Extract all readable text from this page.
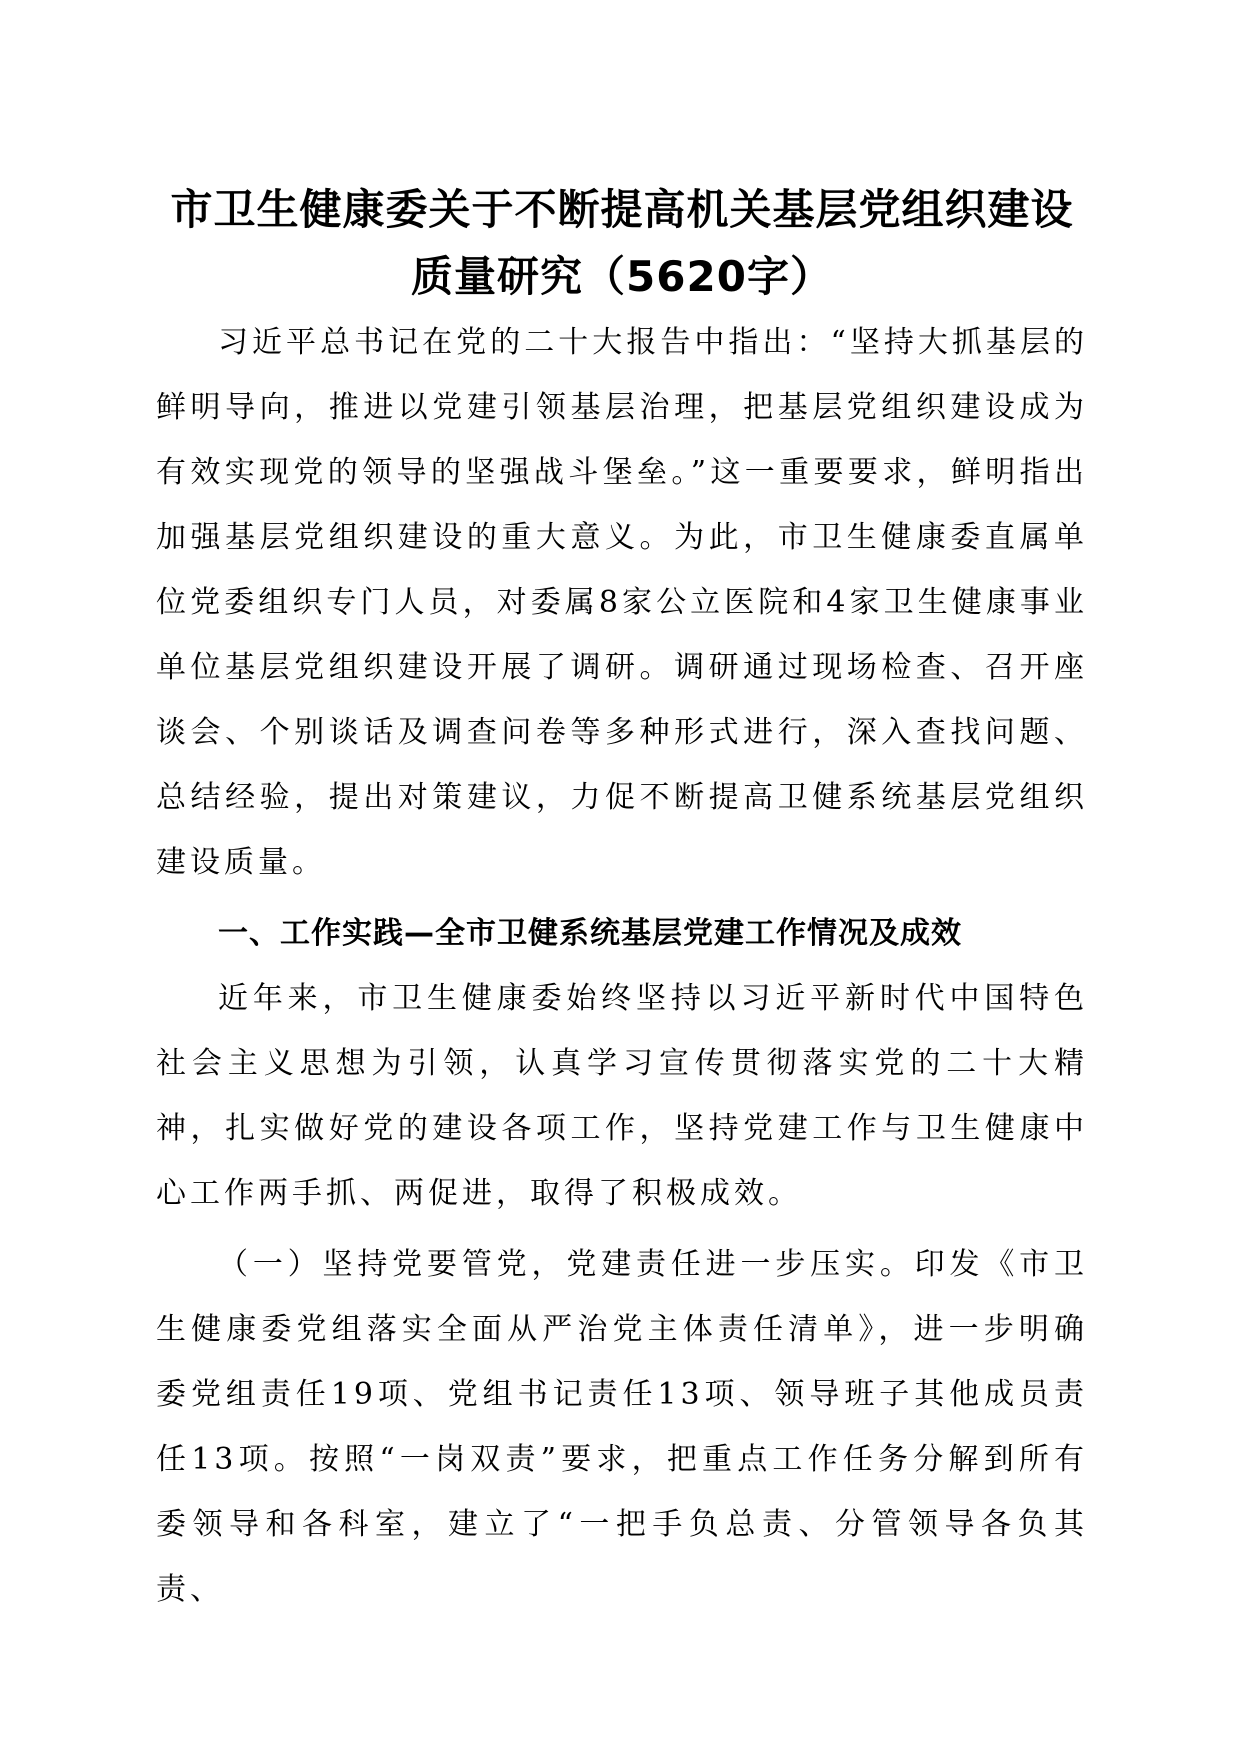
市卫生健康委关于不断提高机关基层党组织建设质量研究（5620字）

习近平总书记在党的二十大报告中指出：“坚持大抓基层的鲜明导向，推进以党建引领基层治理，把基层党组织建设成为有效实现党的领导的坚强战斗堡垒。”这一重要要求，鲜明指出加强基层党组织建设的重大意义。为此，市卫生健康委直属单位党委组织专门人员，对委属8家公立医院和4家卫生健康事业单位基层党组织建设开展了调研。调研通过现场检查、召开座谈会、个别谈话及调查问卷等多种形式进行，深入查找问题、总结经验，提出对策建议，力促不断提高卫健系统基层党组织建设质量。

一、工作实践—全市卫健系统基层党建工作情况及成效

近年来，市卫生健康委始终坚持以习近平新时代中国特色社会主义思想为引领，认真学习宣传贯彻落实党的二十大精神，扎实做好党的建设各项工作，坚持党建工作与卫生健康中心工作两手抓、两促进，取得了积极成效。

（一）坚持党要管党，党建责任进一步压实。印发《市卫生健康委党组落实全面从严治党主体责任清单》，进一步明确委党组责任19项、党组书记责任13项、领导班子其他成员责任13项。按照“一岗双责”要求，把重点工作任务分解到所有委领导和各科室，建立了“一把手负总责、分管领导各负其责、
